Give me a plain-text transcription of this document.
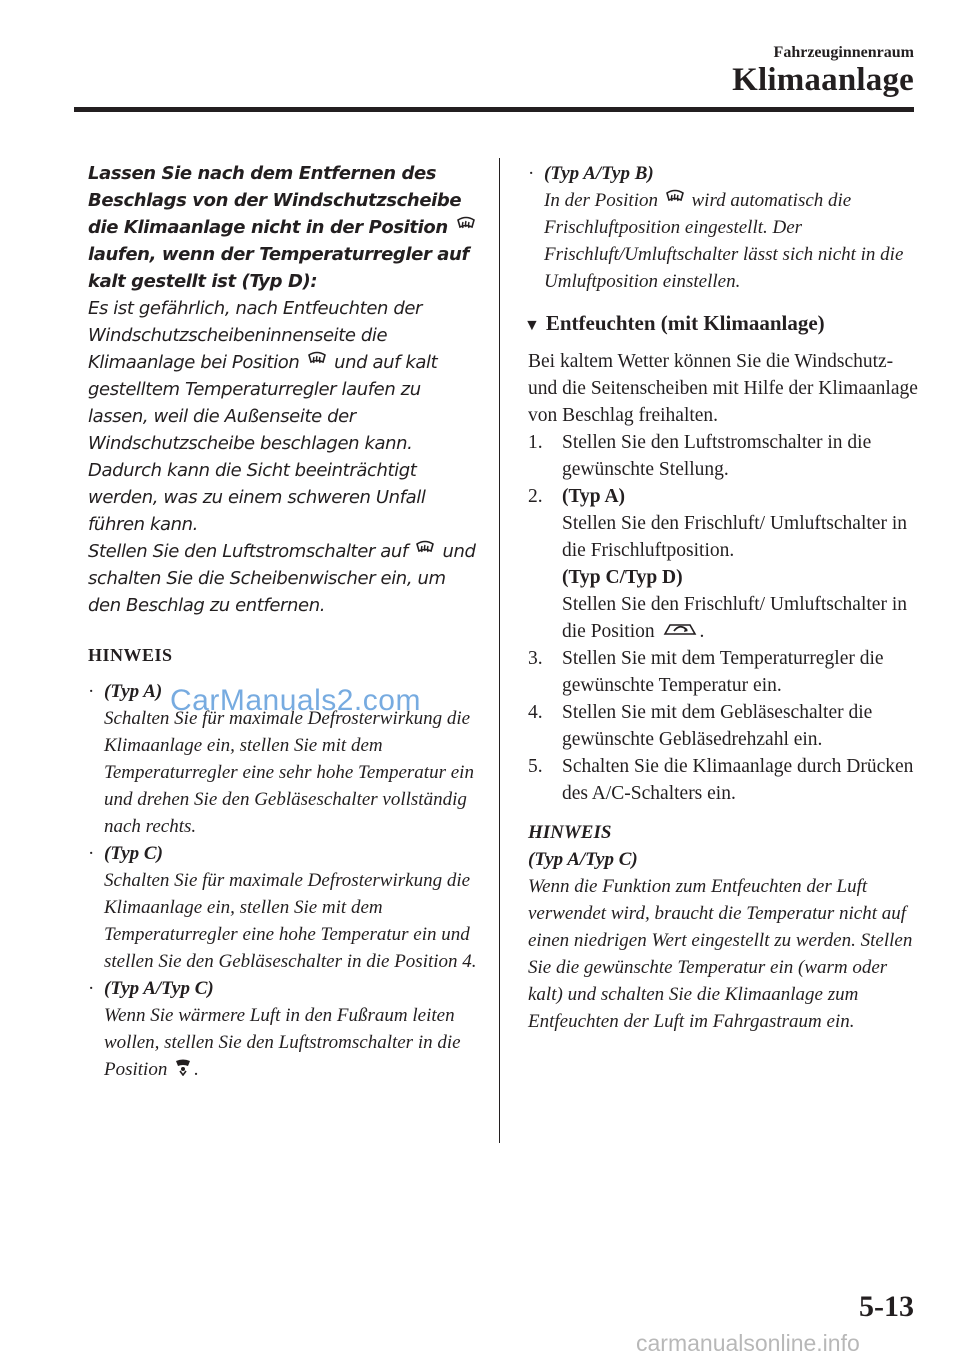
Fahrzeuginnenraum
Klimaanlage

Lassen Sie nach dem Entfernen des Beschlags von der Windschutzscheibe die Klimaanlage nicht in der Position  laufen, wenn der Temperaturregler auf kalt gestellt ist (Typ D):

Es ist gefährlich, nach Entfeuchten der Windschutzscheibeninnenseite die Klimaanlage bei Position und auf kalt gestelltem Temperaturregler laufen zu lassen, weil die Außenseite der Windschutzscheibe beschlagen kann. Dadurch kann die Sicht beeinträchtigt werden, was zu einem schweren Unfall führen kann.

Stellen Sie den Luftstromschalter auf und schalten Sie die Scheibenwischer ein, um den Beschlag zu entfernen.

HINWEIS

· (Typ A)
Schalten Sie für maximale Defrosterwirkung die Klimaanlage ein, stellen Sie mit dem Temperaturregler eine sehr hohe Temperatur ein und drehen Sie den Gebläseschalter vollständig nach rechts.
· (Typ C)
Schalten Sie für maximale Defrosterwirkung die Klimaanlage ein, stellen Sie mit dem Temperaturregler eine hohe Temperatur ein und stellen Sie den Gebläseschalter in die Position 4.
· (Typ A/Typ C)
Wenn Sie wärmere Luft in den Fußraum leiten wollen, stellen Sie den Luftstromschalter in die Position .
· (Typ A/Typ B)
In der Position wird automatisch die Frischluftposition eingestellt. Der Frischluft/Umluftschalter lässt sich nicht in die Umluftposition einstellen.

▼ Entfeuchten (mit Klimaanlage)

Bei kaltem Wetter können Sie die Windschutz- und die Seitenscheiben mit Hilfe der Klimaanlage von Beschlag freihalten.

1. Stellen Sie den Luftstromschalter in die gewünschte Stellung.
2. (Typ A)
Stellen Sie den Frischluft/ Umluftschalter in die Frischluftposition.
(Typ C/Typ D)
Stellen Sie den Frischluft/ Umluftschalter in die Position .
3. Stellen Sie mit dem Temperaturregler die gewünschte Temperatur ein.
4. Stellen Sie mit dem Gebläseschalter die gewünschte Gebläsedrehzahl ein.
5. Schalten Sie die Klimaanlage durch Drücken des A/C-Schalters ein.
HINWEIS
(Typ A/Typ C)
Wenn die Funktion zum Entfeuchten der Luft verwendet wird, braucht die Temperatur nicht auf einen niedrigen Wert eingestellt zu werden. Stellen Sie die gewünschte Temperatur ein (warm oder kalt) und schalten Sie die Klimaanlage zum Entfeuchten der Luft im Fahrgastraum ein.
CarManuals2.com
5-13
carmanualsonline.info
